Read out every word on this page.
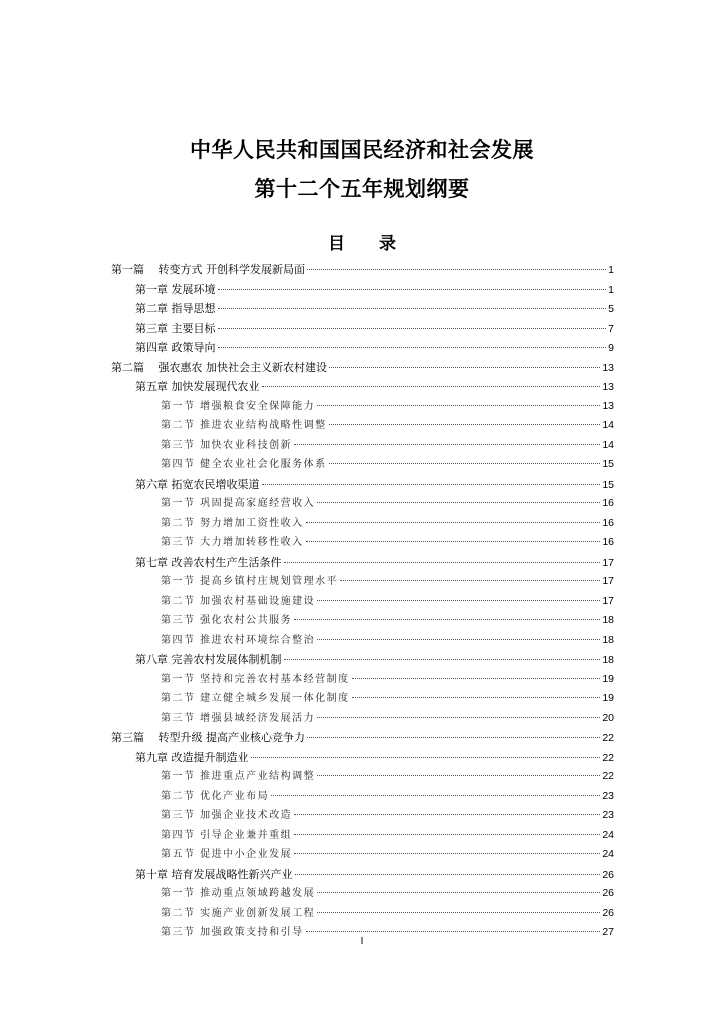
中华人民共和国国民经济和社会发展
第十二个五年规划纲要
目　　录
第一篇　 转变方式 开创科学发展新局面	1
第一章 发展环境	1
第二章 指导思想	5
第三章 主要目标	7
第四章 政策导向	9
第二篇　 强农惠农 加快社会主义新农村建设	13
第五章 加快发展现代农业	13
第一节 增强粮食安全保障能力	13
第二节 推进农业结构战略性调整	14
第三节 加快农业科技创新	14
第四节 健全农业社会化服务体系	15
第六章 拓宽农民增收渠道	15
第一节 巩固提高家庭经营收入	16
第二节 努力增加工资性收入	16
第三节 大力增加转移性收入	16
第七章 改善农村生产生活条件	17
第一节 提高乡镇村庄规划管理水平	17
第二节 加强农村基础设施建设	17
第三节 强化农村公共服务	18
第四节 推进农村环境综合整治	18
第八章 完善农村发展体制机制	18
第一节 坚持和完善农村基本经营制度	19
第二节 建立健全城乡发展一体化制度	19
第三节 增强县域经济发展活力	20
第三篇　 转型升级 提高产业核心竞争力	22
第九章 改造提升制造业	22
第一节 推进重点产业结构调整	22
第二节 优化产业布局	23
第三节 加强企业技术改造	23
第四节 引导企业兼并重组	24
第五节 促进中小企业发展	24
第十章 培育发展战略性新兴产业	26
第一节 推动重点领域跨越发展	26
第二节 实施产业创新发展工程	26
第三节 加强政策支持和引导	27
I
